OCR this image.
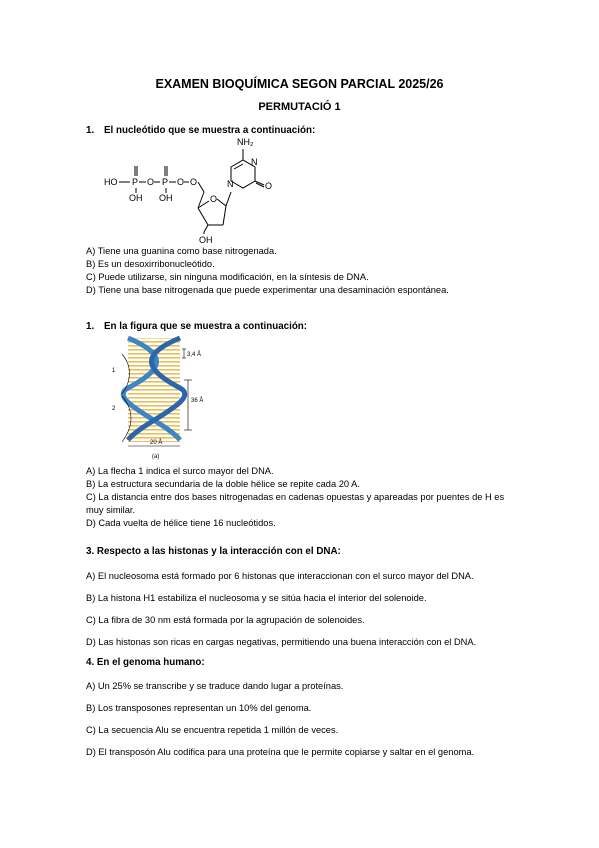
EXAMEN BIOQUÍMICA SEGON PARCIAL 2025/26
PERMUTACIÓ 1
1. El nucleótido que se muestra a continuación:
NH₂
N
N	O
HO P	P
O	O O
OH OH	O
OH
A) Tiene una guanina como base nitrogenada.
B) Es un desoxirribonucleótido.
C) Puede utilizarse, sin ninguna modificación, en la síntesis de DNA.
D) Tiene una base nitrogenada que puede experimentar una desaminación espontánea.
1. En la figura que se muestra a continuación:
1
2
3,4 Å
36 Å
20 Å
(a)
A) La flecha 1 indica el surco mayor del DNA.
B) La estructura secundaria de la doble hélice se repite cada 20 A.
C) La distancia entre dos bases nitrogenadas en cadenas opuestas y apareadas por puentes de H es muy similar.
D) Cada vuelta de hélice tiene 16 nucleótidos.
3. Respecto a las histonas y la interacción con el DNA:
A) El nucleosoma está formado por 6 histonas que interaccionan con el surco mayor del DNA.
B) La histona H1 estabiliza el nucleosoma y se sitúa hacia el interior del solenoide.
C) La fibra de 30 nm está formada por la agrupación de solenoides.
D) Las histonas son ricas en cargas negativas, permitiendo una buena interacción con el DNA.
4. En el genoma humano:
A) Un 25% se transcribe y se traduce dando lugar a proteínas.
B) Los transposones representan un 10% del genoma.
C) La secuencia Alu se encuentra repetida 1 millón de veces.
D) El transposón Alu codifica para una proteína que le permite copiarse y saltar en el genoma.
